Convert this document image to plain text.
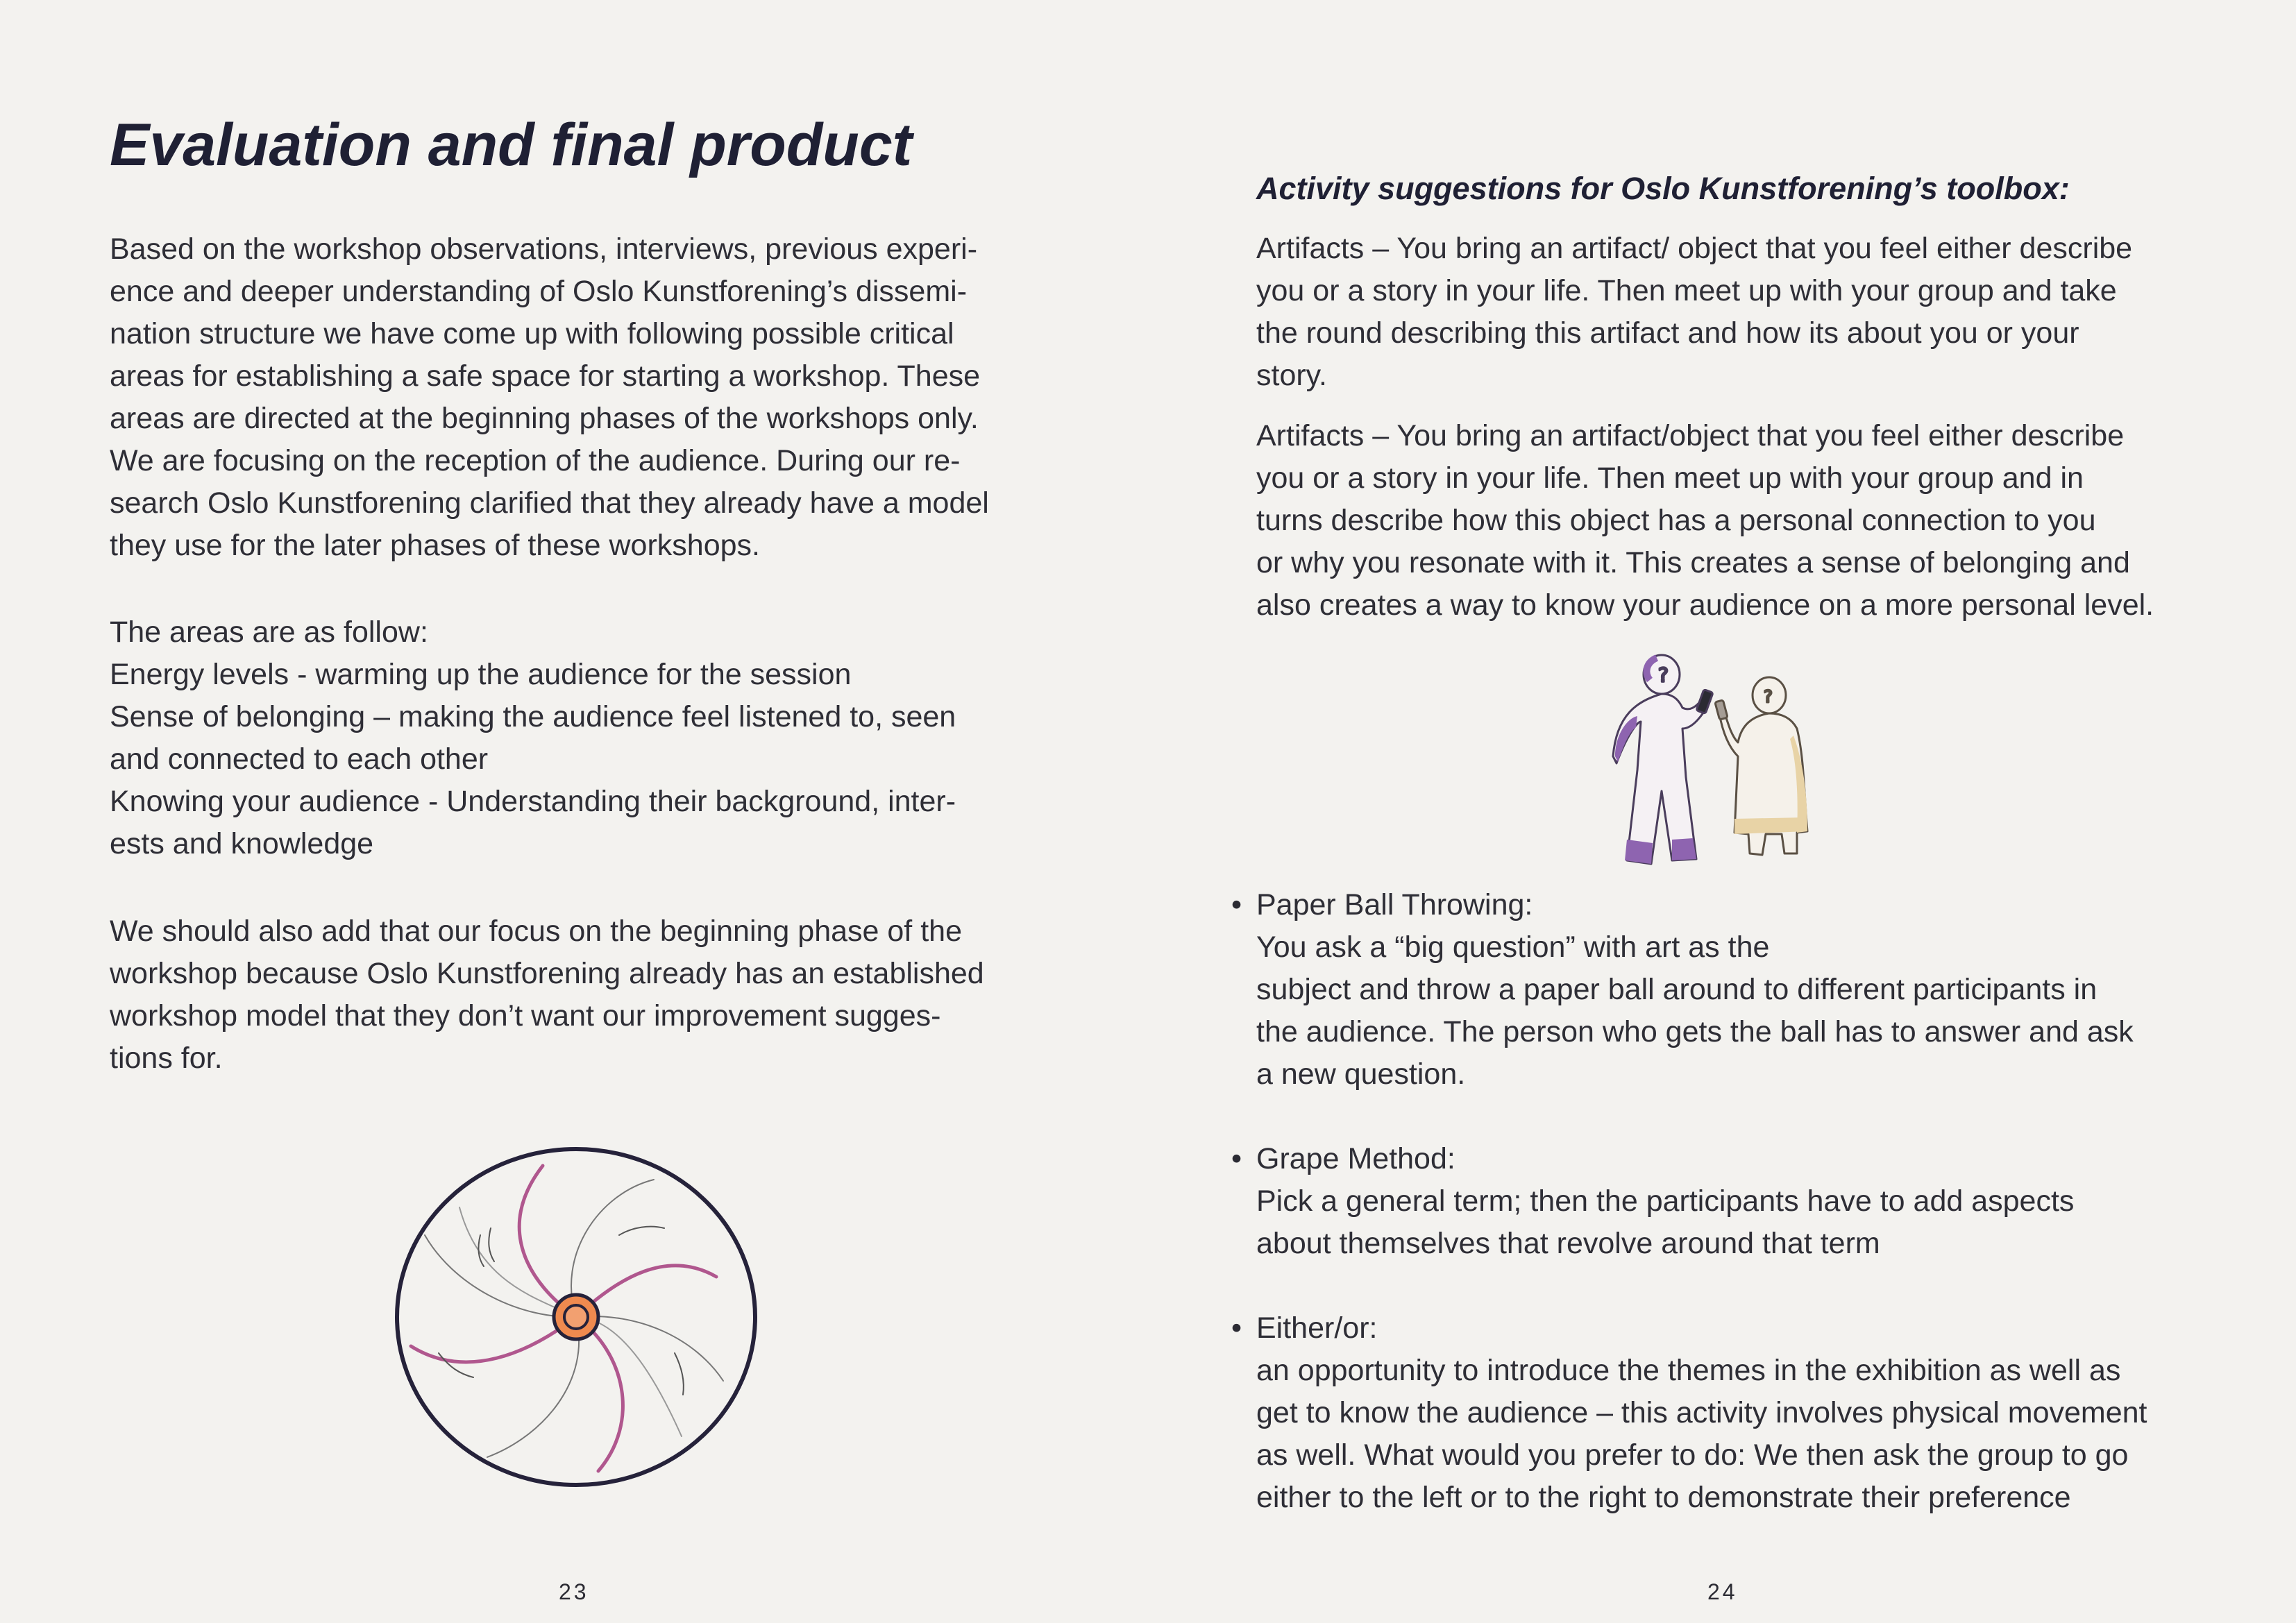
Evaluation and final product
Based on the workshop observations, interviews, previous experi-
ence and deeper understanding of Oslo Kunstforening’s dissemi-
nation structure we have come up with following possible critical
areas for establishing a safe space for starting a workshop. These
areas are directed at the beginning phases of the workshops only.
We are focusing on the reception of the audience. During our re-
search Oslo Kunstforening clarified that they already have a model
they use for the later phases of these workshops.
The areas are as follow:
Energy levels - warming up the audience for the session
Sense of belonging – making the audience feel listened to, seen
and connected to each other
Knowing your audience - Understanding their background, inter-
ests and knowledge
We should also add that our focus on the beginning phase of the
workshop because Oslo Kunstforening already has an established
workshop model that they don’t want our improvement sugges-
tions for.
23
Activity suggestions for Oslo Kunstforening’s toolbox:
Artifacts – You bring an artifact/ object that you feel either describe
you or a story in your life. Then meet up with your group and take
the round describing this artifact and how its about you or your
story.
Artifacts – You bring an artifact/object that you feel either describe
you or a story in your life. Then meet up with your group and in
turns describe how this object has a personal connection to you
or why you resonate with it. This creates a sense of belonging and
also creates a way to know your audience on a more personal level.
?
?
• Paper Ball Throwing:
You ask a “big question” with art as the
subject and throw a paper ball around to different participants in
the audience. The person who gets the ball has to answer and ask
a new question.
• Grape Method:
Pick a general term; then the participants have to add aspects
about themselves that revolve around that term
• Either/or:
an opportunity to introduce the themes in the exhibition as well as
get to know the audience – this activity involves physical movement
as well. What would you prefer to do: We then ask the group to go
either to the left or to the right to demonstrate their preference
24
